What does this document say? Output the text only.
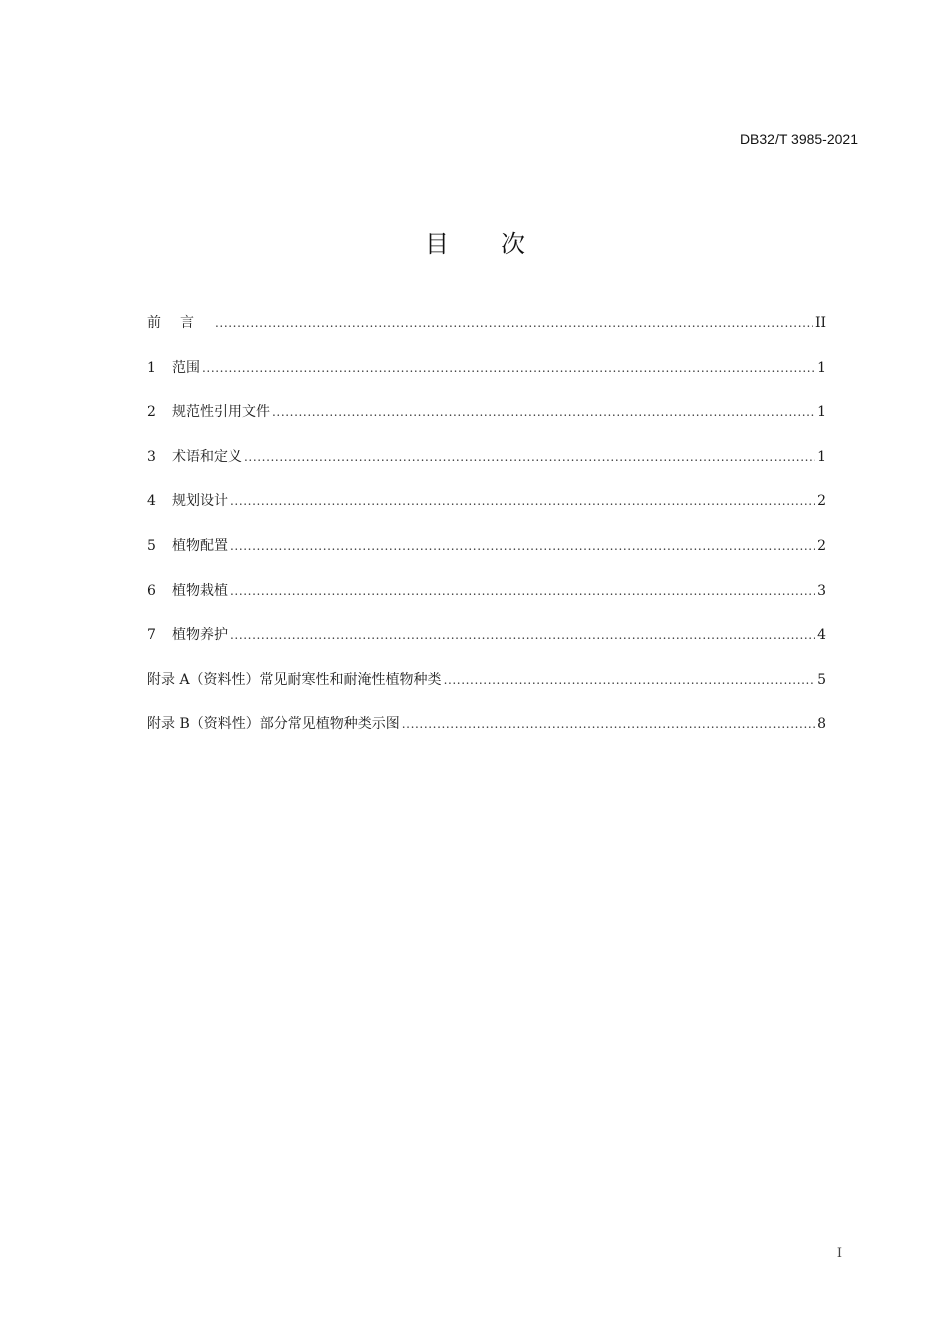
DB32/T 3985-2021
目次
前言 .....	II
1	范围 .....	1
2	规范性引用文件 .....	1
3	术语和定义 .....	1
4	规划设计 .....	2
5	植物配置 .....	2
6	植物栽植 .....	3
7	植物养护 .....	4
附录 A（资料性）常见耐寒性和耐淹性植物种类 .....	5
附录 B（资料性）部分常见植物种类示图 .....	8
I
